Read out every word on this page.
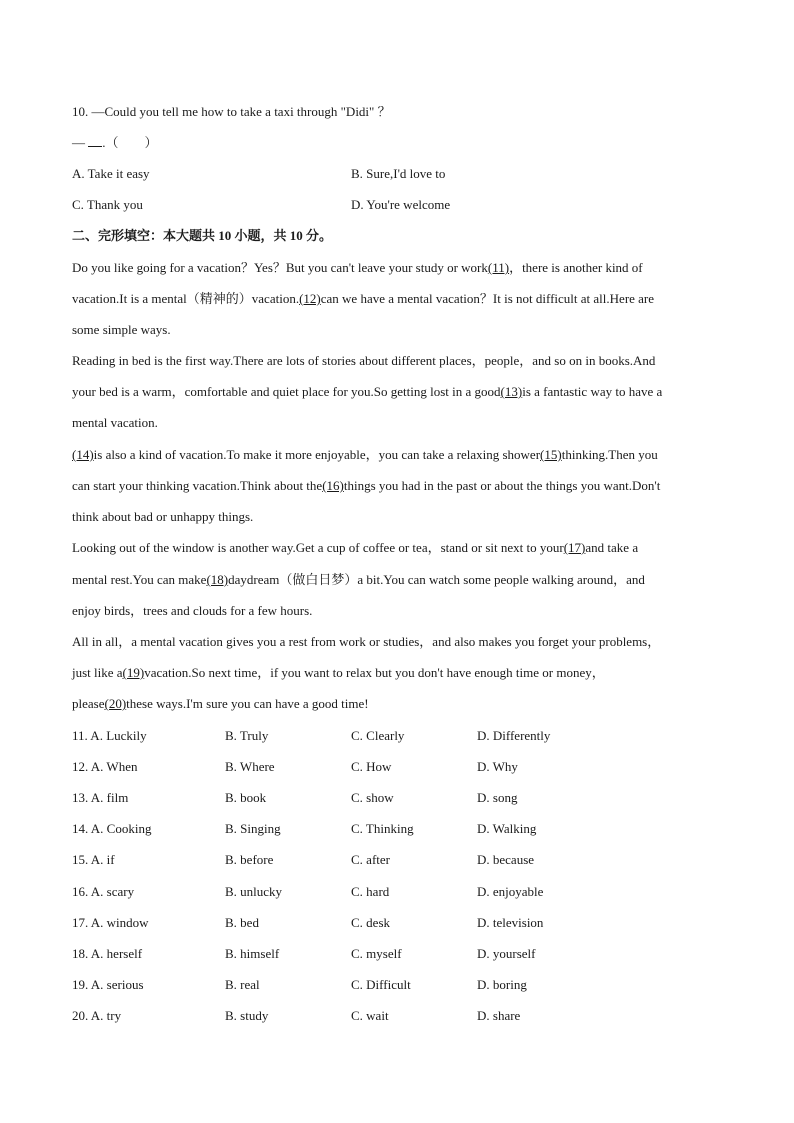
10. —Could you tell me how to take a taxi through "Didi" ？
— .（　　）
A. Take it easy	B. Sure,I'd love to
C. Thank you	D. You're welcome
二、完形填空：本大题共 10 小题，共 10 分。
Do you like going for a vacation？Yes？But you can't leave your study or work(11)，there is another kind of
vacation.It is a mental（精神的）vacation.(12)can we have a mental vacation？It is not difficult at all.Here are
some simple ways.
Reading in bed is the first way.There are lots of stories about different places，people，and so on in books.And
your bed is a warm，comfortable and quiet place for you.So getting lost in a good(13)is a fantastic way to have a
mental vacation.
(14)is also a kind of vacation.To make it more enjoyable，you can take a relaxing shower(15)thinking.Then you
can start your thinking vacation.Think about the(16)things you had in the past or about the things you want.Don't
think about bad or unhappy things.
Looking out of the window is another way.Get a cup of coffee or tea，stand or sit next to your(17)and take a
mental rest.You can make(18)daydream（做白日梦）a bit.You can watch some people walking around，and
enjoy birds，trees and clouds for a few hours.
All in all，a mental vacation gives you a rest from work or studies，and also makes you forget your problems，
just like a(19)vacation.So next time，if you want to relax but you don't have enough time or money，
please(20)these ways.I'm sure you can have a good time!
11. A. Luckily	B. Truly	C. Clearly	D. Differently
12. A. When	B. Where	C. How	D. Why
13. A. film	B. book	C. show	D. song
14. A. Cooking	B. Singing	C. Thinking	D. Walking
15. A. if	B. before	C. after	D. because
16. A. scary	B. unlucky	C. hard	D. enjoyable
17. A. window	B. bed	C. desk	D. television
18. A. herself	B. himself	C. myself	D. yourself
19. A. serious	B. real	C. Difficult	D. boring
20. A. try	B. study	C. wait	D. share
